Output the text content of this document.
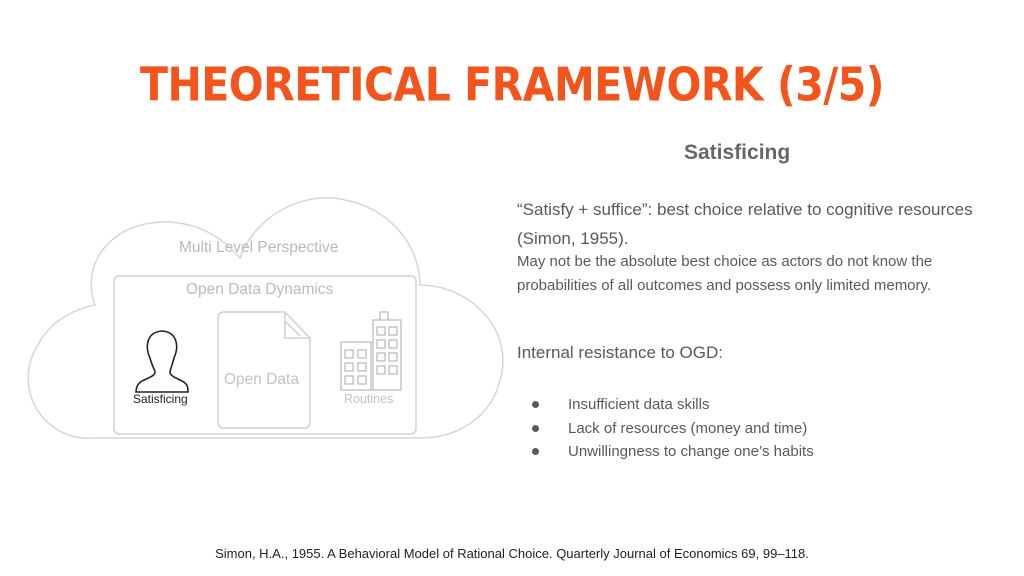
THEORETICAL FRAMEWORK (3/5)
Multi Level Perspective
Open Data Dynamics
Satisficing
Open Data
Routines
Satisficing
“Satisfy + suffice”: best choice relative to cognitive resources (Simon, 1955).
May not be the absolute best choice as actors do not know the probabilities of all outcomes and possess only limited memory.
Internal resistance to OGD:
Insufficient data skills
Lack of resources (money and time)
Unwillingness to change one’s habits
Simon, H.A., 1955. A Behavioral Model of Rational Choice. Quarterly Journal of Economics 69, 99–118.
